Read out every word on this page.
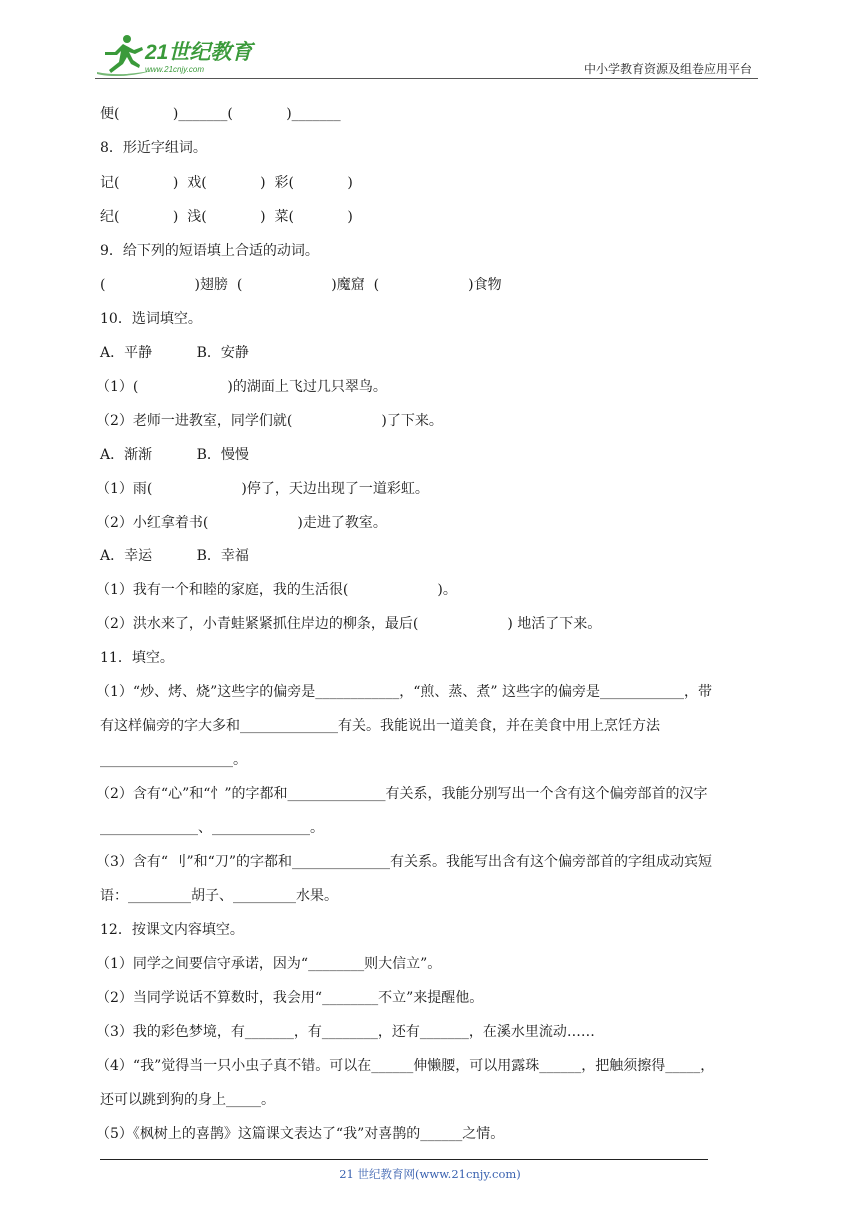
21世纪教育
www.21cnjy.com	中小学教育资源及组卷应用平台
便(            )_______(            )_______
8．形近字组词。
记(            )  戏(            )  彩(            )
纪(            )  浅(            )  菜(            )
9．给下列的短语填上合适的动词。
(                    )翅膀  (                    )魔窟  (                    )食物
10．选词填空。
A．平静          B．安静
（1）(                    )的湖面上飞过几只翠鸟。
（2）老师一进教室，同学们就(                    )了下来。
A．渐渐          B．慢慢
（1）雨(                    )停了，天边出现了一道彩虹。
（2）小红拿着书(                    )走进了教室。
A．幸运          B．幸福
（1）我有一个和睦的家庭，我的生活很(                    )。
（2）洪水来了，小青蛙紧紧抓住岸边的柳条，最后(                    ) 地活了下来。
11．填空。
（1）“炒、烤、烧”这些字的偏旁是____________，“煎、蒸、煮” 这些字的偏旁是____________，带
有这样偏旁的字大多和______________有关。我能说出一道美食，并在美食中用上烹饪方法
___________________。
（2）含有“心”和“忄”的字都和______________有关系，我能分别写出一个含有这个偏旁部首的汉字
______________、______________。
（3）含有“ 刂”和“刀”的字都和______________有关系。我能写出含有这个偏旁部首的字组成动宾短
语：_________胡子、_________水果。
12．按课文内容填空。
（1）同学之间要信守承诺，因为“________则大信立”。
（2）当同学说话不算数时，我会用“________不立”来提醒他。
（3）我的彩色梦境，有_______，有________，还有_______，在溪水里流动……
（4）“我”觉得当一只小虫子真不错。可以在______伸懒腰，可以用露珠______，把触须擦得_____，
还可以跳到狗的身上_____。
（5）《枫树上的喜鹊》这篇课文表达了“我”对喜鹊的______之情。
21 世纪教育网(www.21cnjy.com)
